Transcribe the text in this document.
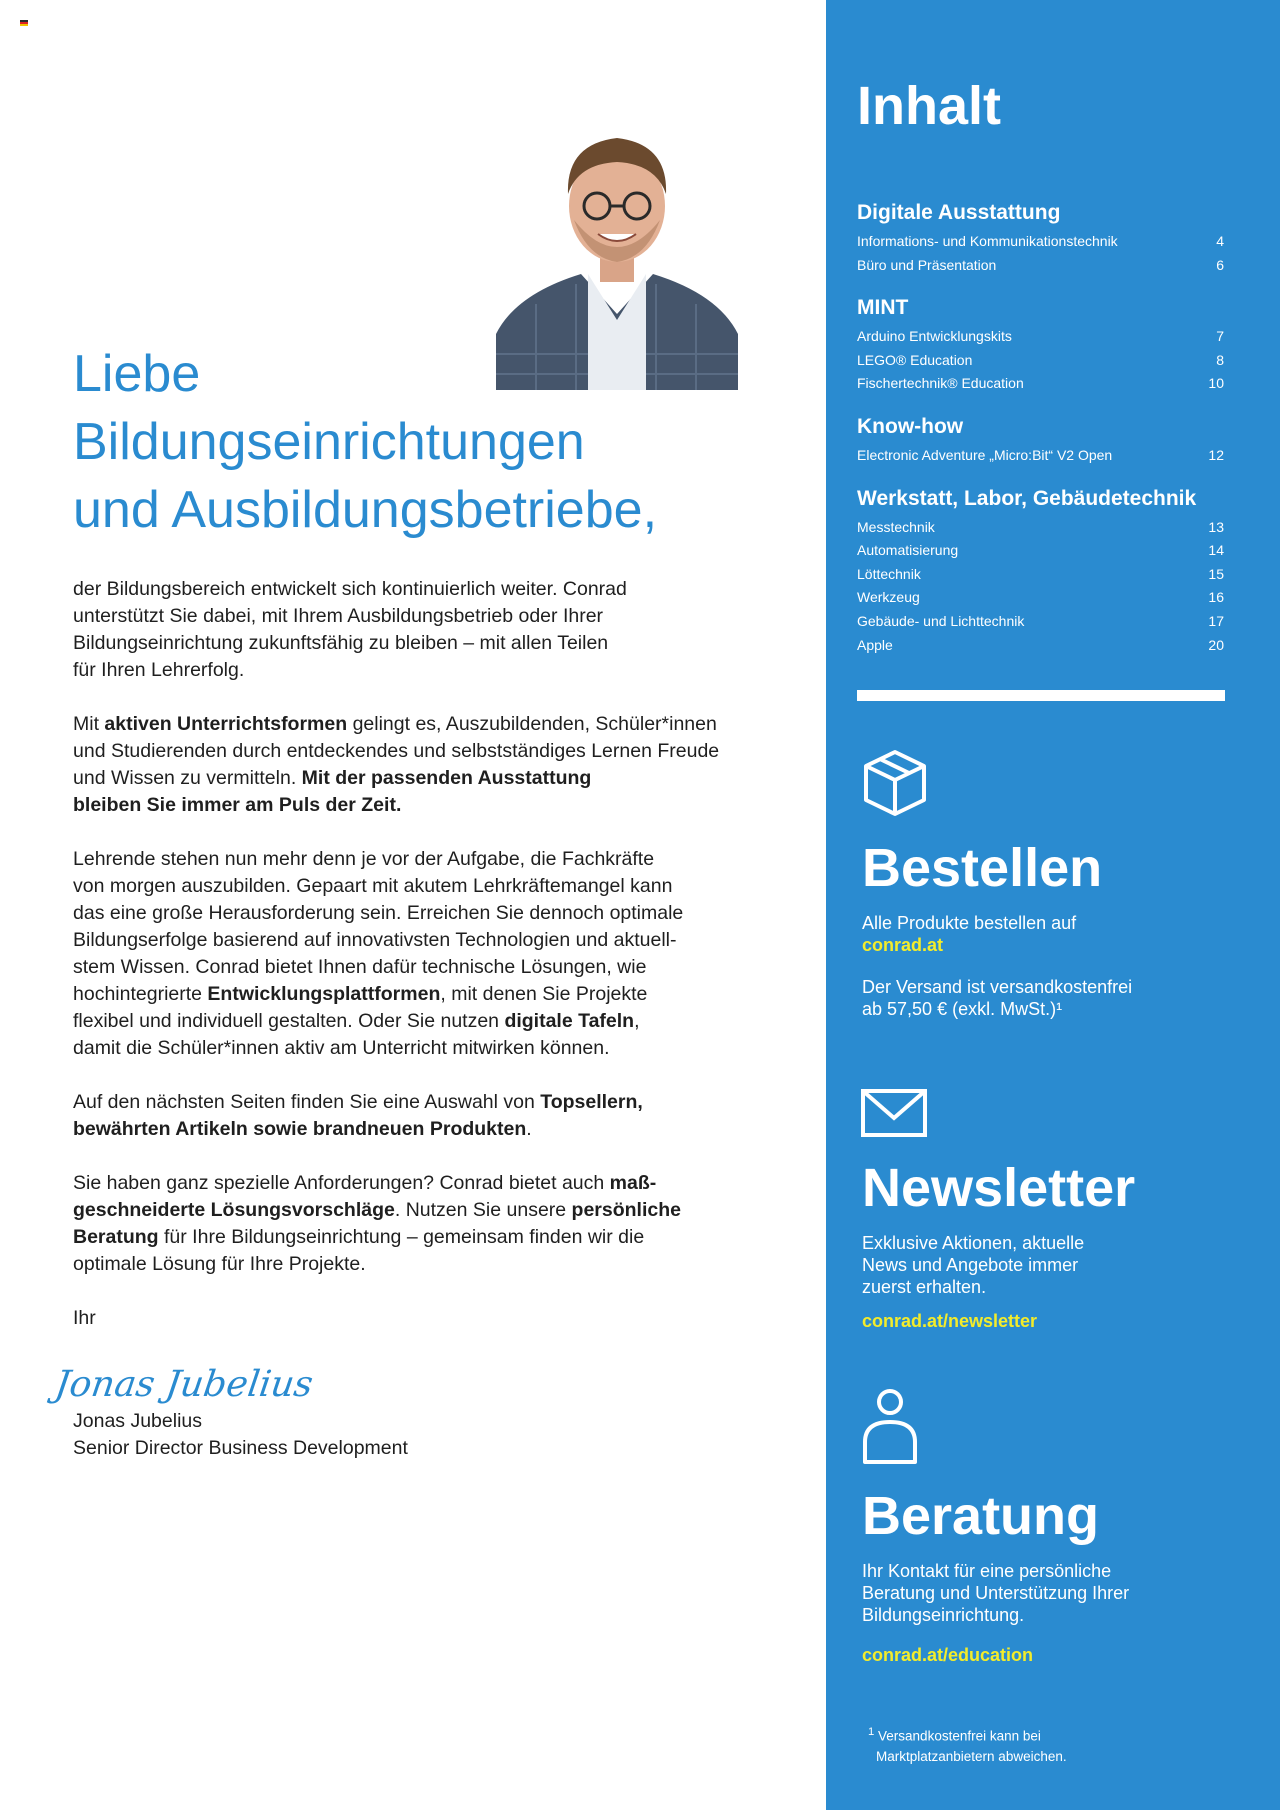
Liebe
Bildungseinrichtungen
und Ausbildungsbetriebe,

der Bildungsbereich entwickelt sich kontinuierlich weiter. Conrad
unterstützt Sie dabei, mit Ihrem Ausbildungsbetrieb oder Ihrer
Bildungseinrichtung zukunftsfähig zu bleiben – mit allen Teilen
für Ihren Lehrerfolg.

Mit aktiven Unterrichtsformen gelingt es, Auszubildenden, Schüler*innen
und Studierenden durch entdeckendes und selbstständiges Lernen Freude
und Wissen zu vermitteln. Mit der passenden Ausstattung
bleiben Sie immer am Puls der Zeit.

Lehrende stehen nun mehr denn je vor der Aufgabe, die Fachkräfte
von morgen auszubilden. Gepaart mit akutem Lehrkräftemangel kann
das eine große Herausforderung sein. Erreichen Sie dennoch optimale
Bildungserfolge basierend auf innovativsten Technologien und aktuell-
stem Wissen. Conrad bietet Ihnen dafür technische Lösungen, wie
hochintegrierte Entwicklungsplattformen, mit denen Sie Projekte
flexibel und individuell gestalten. Oder Sie nutzen digitale Tafeln,
damit die Schüler*innen aktiv am Unterricht mitwirken können.

Auf den nächsten Seiten finden Sie eine Auswahl von Topsellern,
bewährten Artikeln sowie brandneuen Produkten.

Sie haben ganz spezielle Anforderungen? Conrad bietet auch maß-
geschneiderte Lösungsvorschläge. Nutzen Sie unsere persönliche
Beratung für Ihre Bildungseinrichtung – gemeinsam finden wir die
optimale Lösung für Ihre Projekte.

Ihr

Jonas Jubelius
Jonas Jubelius
Senior Director Business Development
Inhalt
Digitale Ausstattung
Informations- und Kommunikationstechnik	4
Büro und Präsentation	6
MINT
Arduino Entwicklungskits	7
LEGO® Education	8
Fischertechnik® Education	10
Know-how
Electronic Adventure „Micro:Bit“ V2 Open	12
Werkstatt, Labor, Gebäudetechnik
Messtechnik	13
Automatisierung	14
Löttechnik	15
Werkzeug	16
Gebäude- und Lichttechnik	17
Apple	20
Bestellen
Alle Produkte bestellen auf
conrad.at
Der Versand ist versandkostenfrei
ab 57,50 € (exkl. MwSt.)¹
Newsletter
Exklusive Aktionen, aktuelle
News und Angebote immer
zuerst erhalten.
conrad.at/newsletter
Beratung
Ihr Kontakt für eine persönliche
Beratung und Unterstützung Ihrer
Bildungseinrichtung.
conrad.at/education
$^1$ Versandkostenfrei kann bei
Marktplatzanbietern abweichen.
